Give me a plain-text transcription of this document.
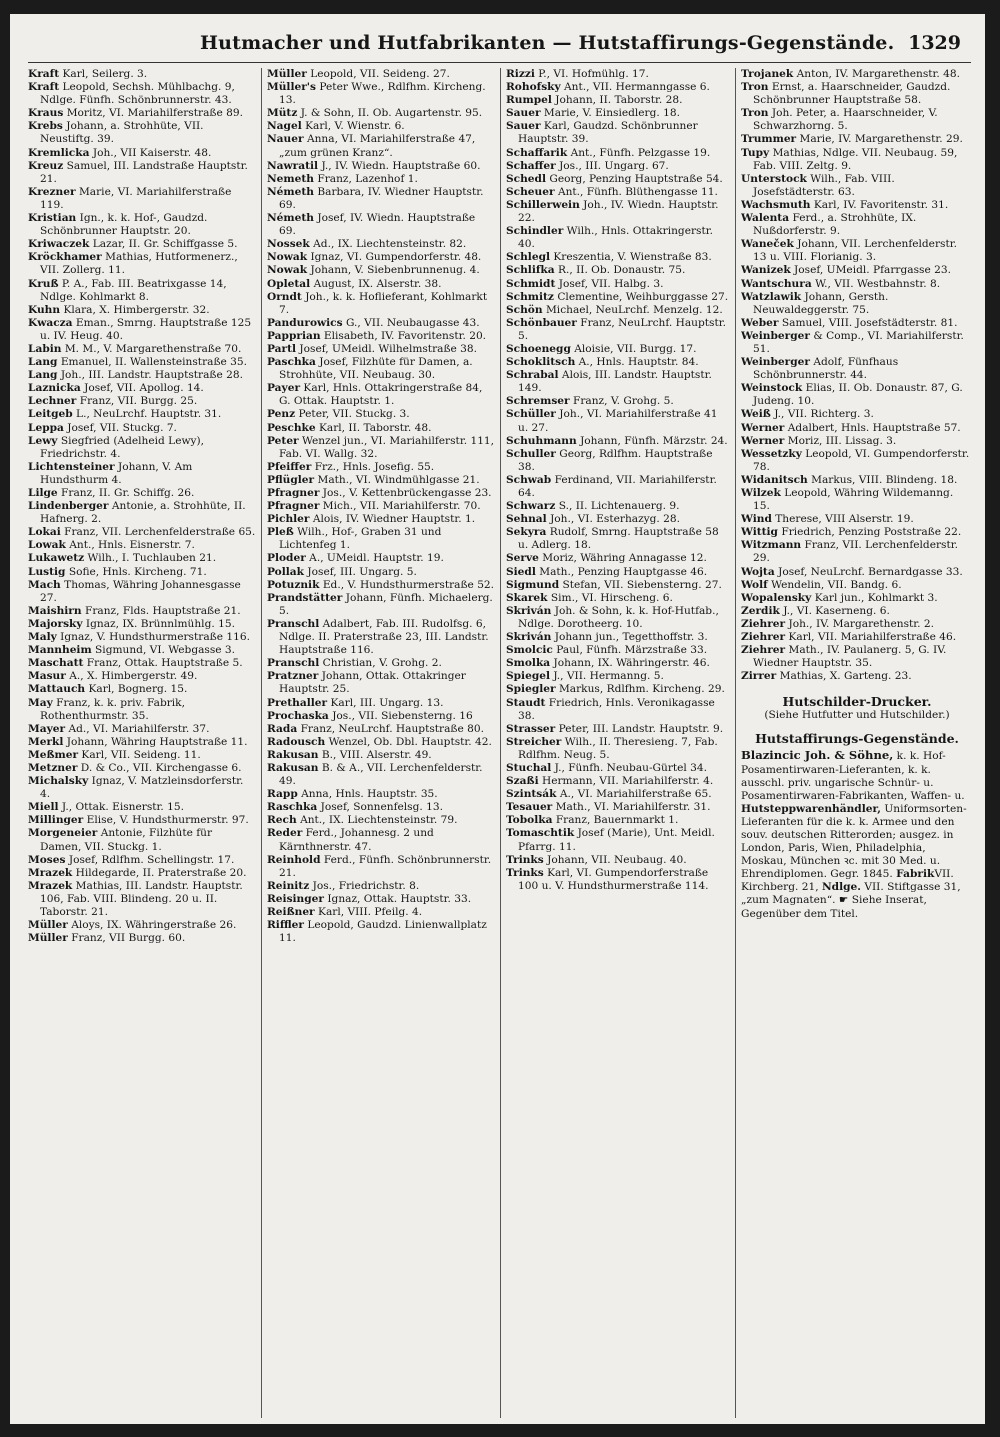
Hutmacher und Hutfabrikanten — Hutstaffirungs-Gegenstände. 1329

Kraft Karl, Seilerg. 3.

Kraft Leopold, Sechsh. Mühlbachg. 9, Ndlge. Fünfh. Schönbrunnerstr. 43.

Kraus Moritz, VI. Mariahilferstraße 89.

Krebs Johann, a. Strohhüte, VII. Neustiftg. 39.

Kremlicka Joh., VII Kaiserstr. 48.

Kreuz Samuel, III. Landstraße Hauptstr. 21.

Krezner Marie, VI. Mariahilferstraße 119.

Kristian Ign., k. k. Hof-, Gaudzd. Schönbrunner Hauptstr. 20.

Kriwaczek Lazar, II. Gr. Schiffgasse 5.

Kröckhamer Mathias, Hutformenerz., VII. Zollerg. 11.

Kruß P. A., Fab. III. Beatrixgasse 14, Ndlge. Kohlmarkt 8.

Kuhn Klara, X. Himbergerstr. 32.

Kwacza Eman., Smrng. Hauptstraße 125 u. IV. Heug. 40.

Labin M. M., V. Margarethenstraße 70.

Lang Emanuel, II. Wallensteinstraße 35.

Lang Joh., III. Landstr. Hauptstraße 28.

Laznicka Josef, VII. Apollog. 14.

Lechner Franz, VII. Burgg. 25.

Leitgeb L., NeuLrchf. Hauptstr. 31.

Leppa Josef, VII. Stuckg. 7.

Lewy Siegfried (Adelheid Lewy), Friedrichstr. 4.

Lichtensteiner Johann, V. Am Hundsthurm 4.

Lilge Franz, II. Gr. Schiffg. 26.

Lindenberger Antonie, a. Strohhüte, II. Hafnerg. 2.

Lokai Franz, VII. Lerchenfelderstraße 65.

Lowak Ant., Hnls. Eisnerstr. 7.

Lukawetz Wilh., I. Tuchlauben 21.

Lustig Sofie, Hnls. Kircheng. 71.

Mach Thomas, Währing Johannesgasse 27.

Maishirn Franz, Flds. Hauptstraße 21.

Majorsky Ignaz, IX. Brünnlmühlg. 15.

Maly Ignaz, V. Hundsthurmerstraße 116.

Mannheim Sigmund, VI. Webgasse 3.

Maschatt Franz, Ottak. Hauptstraße 5.

Masur A., X. Himbergerstr. 49.

Mattauch Karl, Bognerg. 15.

May Franz, k. k. priv. Fabrik, Rothenthurmstr. 35.

Mayer Ad., VI. Mariahilferstr. 37.

Merkl Johann, Währing Hauptstraße 11.

Meßmer Karl, VII. Seideng. 11.

Metzner D. & Co., VII. Kirchengasse 6.

Michalsky Ignaz, V. Matzleinsdorferstr. 4.

Miell J., Ottak. Eisnerstr. 15.

Millinger Elise, V. Hundsthurmerstr. 97.

Morgeneier Antonie, Filzhüte für Damen, VII. Stuckg. 1.

Moses Josef, Rdlfhm. Schellingstr. 17.

Mrazek Hildegarde, II. Praterstraße 20.

Mrazek Mathias, III. Landstr. Hauptstr. 106, Fab. VIII. Blindeng. 20 u. II. Taborstr. 21.

Müller Aloys, IX. Währingerstraße 26.

Müller Franz, VII Burgg. 60.

Müller Leopold, VII. Seideng. 27.

Müller's Peter Wwe., Rdlfhm. Kircheng. 13.

Mütz J. & Sohn, II. Ob. Augartenstr. 95.

Nagel Karl, V. Wienstr. 6.

Nauer Anna, VI. Mariahilferstraße 47, „zum grünen Kranz“.

Nawratil J., IV. Wiedn. Hauptstraße 60.

Nemeth Franz, Lazenhof 1.

Németh Barbara, IV. Wiedner Hauptstr. 69.

Németh Josef, IV. Wiedn. Hauptstraße 69.

Nossek Ad., IX. Liechtensteinstr. 82.

Nowak Ignaz, VI. Gumpendorferstr. 48.

Nowak Johann, V. Siebenbrunnenug. 4.

Opletal August, IX. Alserstr. 38.

Orndt Joh., k. k. Hoflieferant, Kohlmarkt 7.

Pandurowics G., VII. Neubaugasse 43.

Papprian Elisabeth, IV. Favoritenstr. 20.

Partl Josef, UMeidl. Wilhelmstraße 38.

Paschka Josef, Filzhüte für Damen, a. Strohhüte, VII. Neubaug. 30.

Payer Karl, Hnls. Ottakringerstraße 84, G. Ottak. Hauptstr. 1.

Penz Peter, VII. Stuckg. 3.

Peschke Karl, II. Taborstr. 48.

Peter Wenzel jun., VI. Mariahilferstr. 111, Fab. VI. Wallg. 32.

Pfeiffer Frz., Hnls. Josefig. 55.

Pflügler Math., VI. Windmühlgasse 21.

Pfragner Jos., V. Kettenbrückengasse 23.

Pfragner Mich., VII. Mariahilferstr. 70.

Pichler Alois, IV. Wiedner Hauptstr. 1.

Pleß Wilh., Hof-, Graben 31 und Lichtenfeg 1.

Ploder A., UMeidl. Hauptstr. 19.

Pollak Josef, III. Ungarg. 5.

Potuznik Ed., V. Hundsthurmerstraße 52.

Prandstätter Johann, Fünfh. Michaelerg. 5.

Pranschl Adalbert, Fab. III. Rudolfsg. 6, Ndlge. II. Praterstraße 23, III. Landstr. Hauptstraße 116.

Pranschl Christian, V. Grohg. 2.

Pratzner Johann, Ottak. Ottakringer Hauptstr. 25.

Prethaller Karl, III. Ungarg. 13.

Prochaska Jos., VII. Siebensterng. 16

Rada Franz, NeuLrchf. Hauptstraße 80.

Radousch Wenzel, Ob. Dbl. Hauptstr. 42.

Rakusan B., VIII. Alserstr. 49.

Rakusan B. & A., VII. Lerchenfelderstr. 49.

Rapp Anna, Hnls. Hauptstr. 35.

Raschka Josef, Sonnenfelsg. 13.

Rech Ant., IX. Liechtensteinstr. 79.

Reder Ferd., Johannesg. 2 und Kärnthnerstr. 47.

Reinhold Ferd., Fünfh. Schönbrunnerstr. 21.

Reinitz Jos., Friedrichstr. 8.

Reisinger Ignaz, Ottak. Hauptstr. 33.

Reißner Karl, VIII. Pfeilg. 4.

Riffler Leopold, Gaudzd. Linienwallplatz 11.

Rizzi P., VI. Hofmühlg. 17.

Rohofsky Ant., VII. Hermanngasse 6.

Rumpel Johann, II. Taborstr. 28.

Sauer Marie, V. Einsiedlerg. 18.

Sauer Karl, Gaudzd. Schönbrunner Hauptstr. 39.

Schaffarik Ant., Fünfh. Pelzgasse 19.

Schaffer Jos., III. Ungarg. 67.

Schedl Georg, Penzing Hauptstraße 54.

Scheuer Ant., Fünfh. Blüthengasse 11.

Schillerwein Joh., IV. Wiedn. Hauptstr. 22.

Schindler Wilh., Hnls. Ottakringerstr. 40.

Schlegl Kreszentia, V. Wienstraße 83.

Schlifka R., II. Ob. Donaustr. 75.

Schmidt Josef, VII. Halbg. 3.

Schmitz Clementine, Weihburggasse 27.

Schön Michael, NeuLrchf. Menzelg. 12.

Schönbauer Franz, NeuLrchf. Hauptstr. 5.

Schoenegg Aloisie, VII. Burgg. 17.

Schoklitsch A., Hnls. Hauptstr. 84.

Schrabal Alois, III. Landstr. Hauptstr. 149.

Schremser Franz, V. Grohg. 5.

Schüller Joh., VI. Mariahilferstraße 41 u. 27.

Schuhmann Johann, Fünfh. Märzstr. 24.

Schuller Georg, Rdlfhm. Hauptstraße 38.

Schwab Ferdinand, VII. Mariahilferstr. 64.

Schwarz S., II. Lichtenauerg. 9.

Sehnal Joh., VI. Esterhazyg. 28.

Sekyra Rudolf, Smrng. Hauptstraße 58 u. Adlerg. 18.

Serve Moriz, Währing Annagasse 12.

Siedl Math., Penzing Hauptgasse 46.

Sigmund Stefan, VII. Siebensterng. 27.

Skarek Sim., VI. Hirscheng. 6.

Skriván Joh. & Sohn, k. k. Hof-Hutfab., Ndlge. Dorotheerg. 10.

Skriván Johann jun., Tegetthoffstr. 3.

Smolcic Paul, Fünfh. Märzstraße 33.

Smolka Johann, IX. Währingerstr. 46.

Spiegel J., VII. Hermanng. 5.

Spiegler Markus, Rdlfhm. Kircheng. 29.

Staudt Friedrich, Hnls. Veronikagasse 38.

Strasser Peter, III. Landstr. Hauptstr. 9.

Streicher Wilh., II. Theresieng. 7, Fab. Rdlfhm. Neug. 5.

Stuchal J., Fünfh. Neubau-Gürtel 34.

Szaßi Hermann, VII. Mariahilferstr. 4.

Szintsák A., VI. Mariahilferstraße 65.

Tesauer Math., VI. Mariahilferstr. 31.

Tobolka Franz, Bauernmarkt 1.

Tomaschtik Josef (Marie), Unt. Meidl. Pfarrg. 11.

Trinks Johann, VII. Neubaug. 40.

Trinks Karl, VI. Gumpendorferstraße 100 u. V. Hundsthurmerstraße 114.

Trojanek Anton, IV. Margarethenstr. 48.

Tron Ernst, a. Haarschneider, Gaudzd. Schönbrunner Hauptstraße 58.

Tron Joh. Peter, a. Haarschneider, V. Schwarzhorng. 5.

Trummer Marie, IV. Margarethenstr. 29.

Tupy Mathias, Ndlge. VII. Neubaug. 59, Fab. VIII. Zeltg. 9.

Unterstock Wilh., Fab. VIII. Josefstädterstr. 63.

Wachsmuth Karl, IV. Favoritenstr. 31.

Walenta Ferd., a. Strohhüte, IX. Nußdorferstr. 9.

Waneček Johann, VII. Lerchenfelderstr. 13 u. VIII. Florianig. 3.

Wanizek Josef, UMeidl. Pfarrgasse 23.

Wantschura W., VII. Westbahnstr. 8.

Watzlawik Johann, Gersth. Neuwaldeggerstr. 75.

Weber Samuel, VIII. Josefstädterstr. 81.

Weinberger & Comp., VI. Mariahilferstr. 51.

Weinberger Adolf, Fünfhaus Schönbrunnerstr. 44.

Weinstock Elias, II. Ob. Donaustr. 87, G. Judeng. 10.

Weiß J., VII. Richterg. 3.

Werner Adalbert, Hnls. Hauptstraße 57.

Werner Moriz, III. Lissag. 3.

Wessetzky Leopold, VI. Gumpendorferstr. 78.

Widanitsch Markus, VIII. Blindeng. 18.

Wilzek Leopold, Währing Wildemanng. 15.

Wind Therese, VIII Alserstr. 19.

Wittig Friedrich, Penzing Poststraße 22.

Witzmann Franz, VII. Lerchenfelderstr. 29.

Wojta Josef, NeuLrchf. Bernardgasse 33.

Wolf Wendelin, VII. Bandg. 6.

Wopalensky Karl jun., Kohlmarkt 3.

Zerdik J., VI. Kaserneng. 6.

Ziehrer Joh., IV. Margarethenstr. 2.

Ziehrer Karl, VII. Mariahilferstraße 46.

Ziehrer Math., IV. Paulanerg. 5, G. IV. Wiedner Hauptstr. 35.

Zirrer Mathias, X. Garteng. 23.

Hutschilder-Drucker.
(Siehe Hutfutter und Hutschilder.)
Hutstaffirungs-Gegenstände.

Blazincic Joh. & Söhne, k. k. Hof-Posamentirwaren-Lieferanten, k. k. ausschl. priv. ungarische Schnür- u. Posamentirwaren-Fabrikanten, Waffen- u. Hutsteppwarenhändler, Uniformsorten-Lieferanten für die k. k. Armee und den souv. deutschen Ritterorden; ausgez. in London, Paris, Wien, Philadelphia, Moskau, München ꝛc. mit 30 Med. u. Ehrendiplomen. Gegr. 1845. FabrikVII. Kirchberg. 21, Ndlge. VII. Stiftgasse 31, „zum Magnaten“. ☛ Siehe Inserat, Gegenüber dem Titel.
